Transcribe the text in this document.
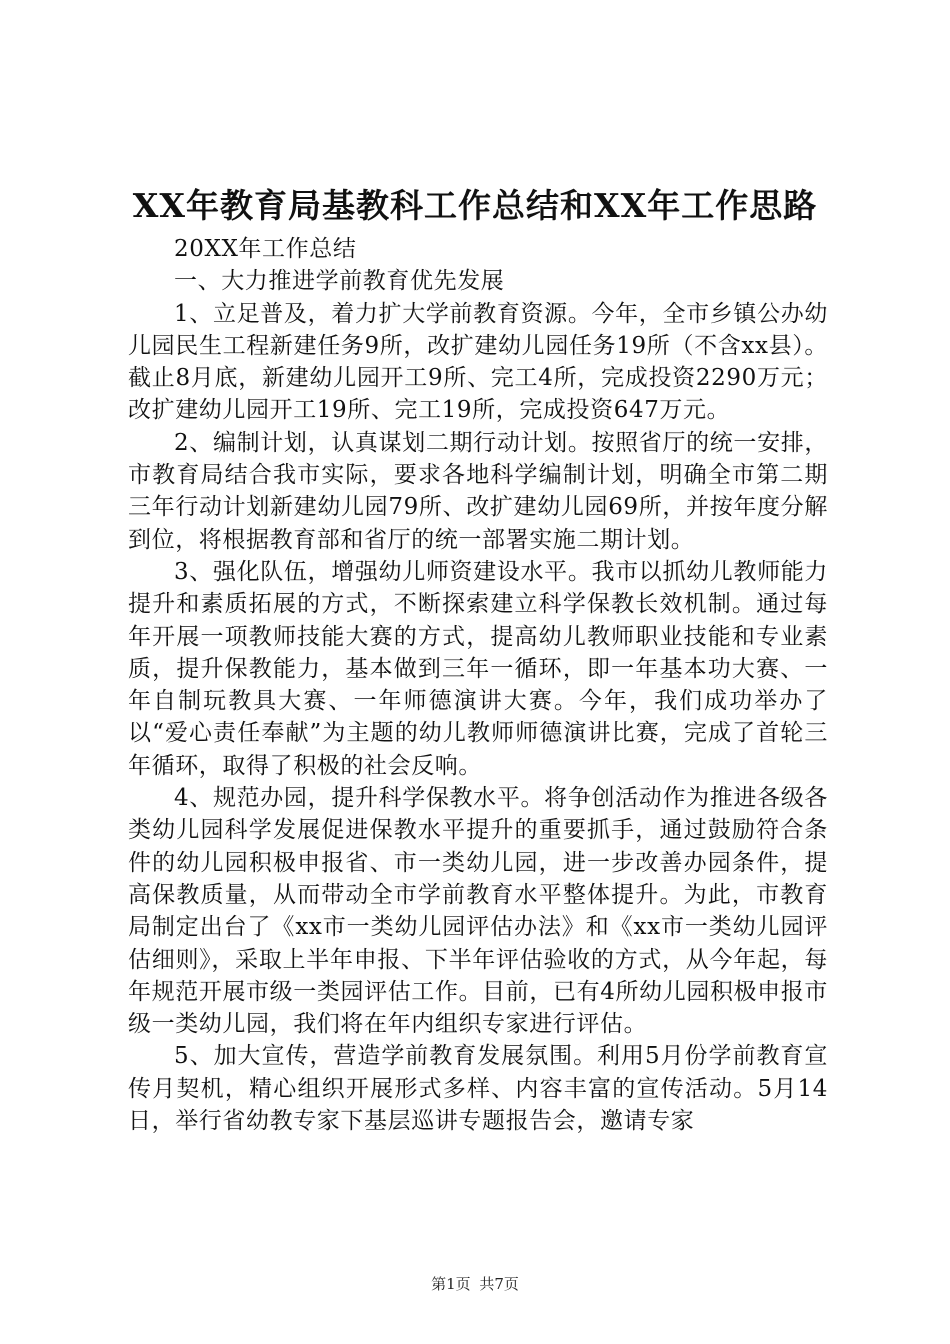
XX年教育局基教科工作总结和XX年工作思路

20XX年工作总结

一、大力推进学前教育优先发展

1、立足普及，着力扩大学前教育资源。今年，全市乡镇公办幼儿园民生工程新建任务9所，改扩建幼儿园任务19所（不含xx县）。截止8月底，新建幼儿园开工9所、完工4所，完成投资2290万元；改扩建幼儿园开工19所、完工19所，完成投资647万元。

2、编制计划，认真谋划二期行动计划。按照省厅的统一安排，市教育局结合我市实际，要求各地科学编制计划，明确全市第二期三年行动计划新建幼儿园79所、改扩建幼儿园69所，并按年度分解到位，将根据教育部和省厅的统一部署实施二期计划。

3、强化队伍，增强幼儿师资建设水平。我市以抓幼儿教师能力提升和素质拓展的方式，不断探索建立科学保教长效机制。通过每年开展一项教师技能大赛的方式，提高幼儿教师职业技能和专业素质，提升保教能力，基本做到三年一循环，即一年基本功大赛、一年自制玩教具大赛、一年师德演讲大赛。今年，我们成功举办了以“爱心责任奉献”为主题的幼儿教师师德演讲比赛，完成了首轮三年循环，取得了积极的社会反响。

4、规范办园，提升科学保教水平。将争创活动作为推进各级各类幼儿园科学发展促进保教水平提升的重要抓手，通过鼓励符合条件的幼儿园积极申报省、市一类幼儿园，进一步改善办园条件，提高保教质量，从而带动全市学前教育水平整体提升。为此，市教育局制定出台了《xx市一类幼儿园评估办法》和《xx市一类幼儿园评估细则》，采取上半年申报、下半年评估验收的方式，从今年起，每年规范开展市级一类园评估工作。目前，已有4所幼儿园积极申报市级一类幼儿园，我们将在年内组织专家进行评估。

5、加大宣传，营造学前教育发展氛围。利用5月份学前教育宣传月契机，精心组织开展形式多样、内容丰富的宣传活动。5月14日，举行省幼教专家下基层巡讲专题报告会，邀请专家

第1页 共7页
